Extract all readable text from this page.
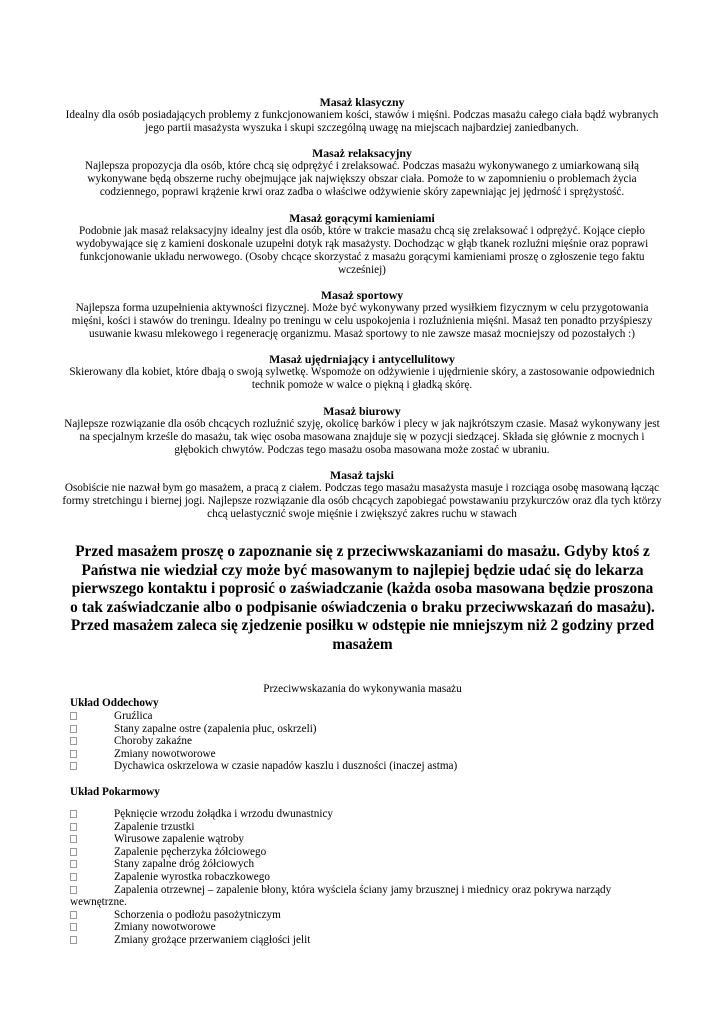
Masaż klasyczny

Idealny dla osób posiadających problemy z funkcjonowaniem kości, stawów i mięśni. Podczas masażu całego ciała bądź wybranych jego partii masażysta wyszuka i skupi szczególną uwagę na miejscach najbardziej zaniedbanych.

Masaż relaksacyjny

Najlepsza propozycja dla osób, które chcą się odprężyć i zrelaksować. Podczas masażu wykonywanego z umiarkowaną siłą wykonywane będą obszerne ruchy obejmujące jak największy obszar ciała. Pomoże to w zapomnieniu o problemach życia codziennego, poprawi krążenie krwi oraz zadba o właściwe odżywienie skóry zapewniając jej jędrność i sprężystość.

Masaż gorącymi kamieniami

Podobnie jak masaż relaksacyjny idealny jest dla osób, które w trakcie masażu chcą się zrelaksować i odprężyć. Kojące ciepło wydobywające się z kamieni doskonale uzupełni dotyk rąk masażysty. Dochodząc w głąb tkanek rozluźni mięśnie oraz poprawi funkcjonowanie układu nerwowego. (Osoby chcące skorzystać z masażu gorącymi kamieniami proszę o zgłoszenie tego faktu wcześniej)

Masaż sportowy

Najlepsza forma uzupełnienia aktywności fizycznej. Może być wykonywany przed wysiłkiem fizycznym w celu przygotowania mięśni, kości i stawów do treningu. Idealny po treningu w celu uspokojenia i rozluźnienia mięśni. Masaż ten ponadto przyśpieszy usuwanie kwasu mlekowego i regenerację organizmu. Masaż sportowy to nie zawsze masaż mocniejszy od pozostałych :)

Masaż ujędrniający i antycellulitowy

Skierowany dla kobiet, które dbają o swoją sylwetkę. Wspomoże on odżywienie i ujędrnienie skóry, a zastosowanie odpowiednich technik pomoże w walce o piękną i gładką skórę.

Masaż biurowy

Najlepsze rozwiązanie dla osób chcących rozluźnić szyję, okolicę barków i plecy w jak najkrótszym czasie. Masaż wykonywany jest na specjalnym krześle do masażu, tak więc osoba masowana znajduje się w pozycji siedzącej. Składa się głównie z mocnych i głębokich chwytów. Podczas tego masażu osoba masowana może zostać w ubraniu.

Masaż tajski

Osobiście nie nazwał bym go masażem, a pracą z ciałem. Podczas tego masażu masażysta masuje i rozciąga osobę masowaną łącząc formy stretchingu i biernej jogi. Najlepsze rozwiązanie dla osób chcących zapobiegać powstawaniu przykurczów oraz dla tych ktörzy chcą uelastycznić swoje mięśnie i zwiększyć zakres ruchu w stawach

Przed masażem proszę o zapoznanie się z przeciwwskazaniami do masażu. Gdyby ktoś z Państwa nie wiedział czy może być masowanym to najlepiej będzie udać się do lekarza pierwszego kontaktu i poprosić o zaświadczanie (każda osoba masowana będzie proszona o tak zaświadczanie albo o podpisanie oświadczenia o braku przeciwwskazań do masażu). Przed masażem zaleca się zjedzenie posiłku w odstępie nie mniejszym niż 2 godziny przed masażem

Przeciwwskazania do wykonywania masażu
Układ Oddechowy
Gruźlica
Stany zapalne ostre (zapalenia płuc, oskrzeli)
Choroby zakaźne
Zmiany nowotworowe
Dychawica oskrzelowa w czasie napadów kaszlu i duszności (inaczej astma)
Układ Pokarmowy
Pęknięcie wrzodu żołądka i wrzodu dwunastnicy
Zapalenie trzustki
Wirusowe zapalenie wątroby
Zapalenie pęcherzyka żółciowego
Stany zapalne dróg żółciowych
Zapalenie wyrostka robaczkowego
Zapalenia otrzewnej – zapalenie błony, która wyściela ściany jamy brzusznej i miednicy oraz pokrywa narządy wewnętrzne.
Schorzenia o podłożu pasożytniczym
Zmiany nowotworowe
Zmiany grożące przerwaniem ciągłości jelit
